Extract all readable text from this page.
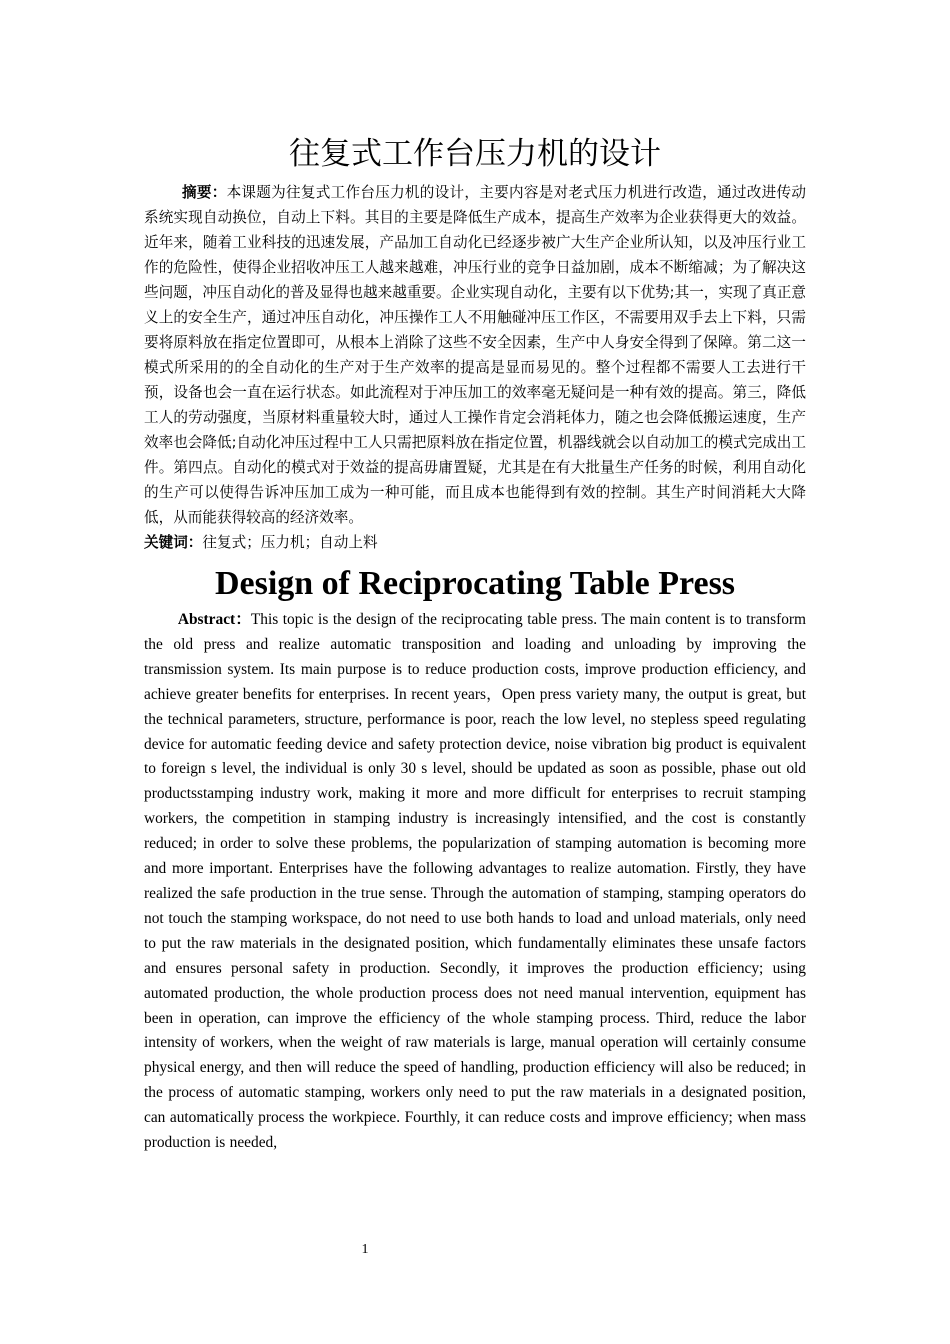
往复式工作台压力机的设计

摘要：本课题为往复式工作台压力机的设计，主要内容是对老式压力机进行改造，通过改进传动系统实现自动换位，自动上下料。其目的主要是降低生产成本，提高生产效率为企业获得更大的效益。近年来，随着工业科技的迅速发展，产品加工自动化已经逐步被广大生产企业所认知，以及冲压行业工作的危险性，使得企业招收冲压工人越来越难，冲压行业的竞争日益加剧，成本不断缩减；为了解决这些问题，冲压自动化的普及显得也越来越重要。企业实现自动化，主要有以下优势;其一，实现了真正意义上的安全生产，通过冲压自动化，冲压操作工人不用触碰冲压工作区，不需要用双手去上下料，只需要将原料放在指定位置即可，从根本上消除了这些不安全因素，生产中人身安全得到了保障。第二这一模式所采用的的全自动化的生产对于生产效率的提高是显而易见的。整个过程都不需要人工去进行干预，设备也会一直在运行状态。如此流程对于冲压加工的效率毫无疑问是一种有效的提高。第三，降低工人的劳动强度，当原材料重量较大时，通过人工操作肯定会消耗体力，随之也会降低搬运速度，生产效率也会降低;自动化冲压过程中工人只需把原料放在指定位置，机器线就会以自动加工的模式完成出工件。第四点。自动化的模式对于效益的提高毋庸置疑，尤其是在有大批量生产任务的时候，利用自动化的生产可以使得告诉冲压加工成为一种可能，而且成本也能得到有效的控制。其生产时间消耗大大降低，从而能获得较高的经济效率。

关键词：往复式；压力机；自动上料

Design of Reciprocating Table Press

Abstract：This topic is the design of the reciprocating table press. The main content is to transform the old press and realize automatic transposition and loading and unloading by improving the transmission system. Its main purpose is to reduce production costs, improve production efficiency, and achieve greater benefits for enterprises. In recent years，Open press variety many, the output is great, but the technical parameters, structure, performance is poor, reach the low level, no stepless speed regulating device for automatic feeding device and safety protection device, noise vibration big product is equivalent to foreign s level, the individual is only 30 s level, should be updated as soon as possible, phase out old productsstamping industry work, making it more and more difficult for enterprises to recruit stamping workers, the competition in stamping industry is increasingly intensified, and the cost is constantly reduced; in order to solve these problems, the popularization of stamping automation is becoming more and more important. Enterprises have the following advantages to realize automation. Firstly, they have realized the safe production in the true sense. Through the automation of stamping, stamping operators do not touch the stamping workspace, do not need to use both hands to load and unload materials, only need to put the raw materials in the designated position, which fundamentally eliminates these unsafe factors and ensures personal safety in production. Secondly, it improves the production efficiency; using automated production, the whole production process does not need manual intervention, equipment has been in operation, can improve the efficiency of the whole stamping process. Third, reduce the labor intensity of workers, when the weight of raw materials is large, manual operation will certainly consume physical energy, and then will reduce the speed of handling, production efficiency will also be reduced; in the process of automatic stamping, workers only need to put the raw materials in a designated position, can automatically process the workpiece. Fourthly, it can reduce costs and improve efficiency; when mass production is needed,

1
